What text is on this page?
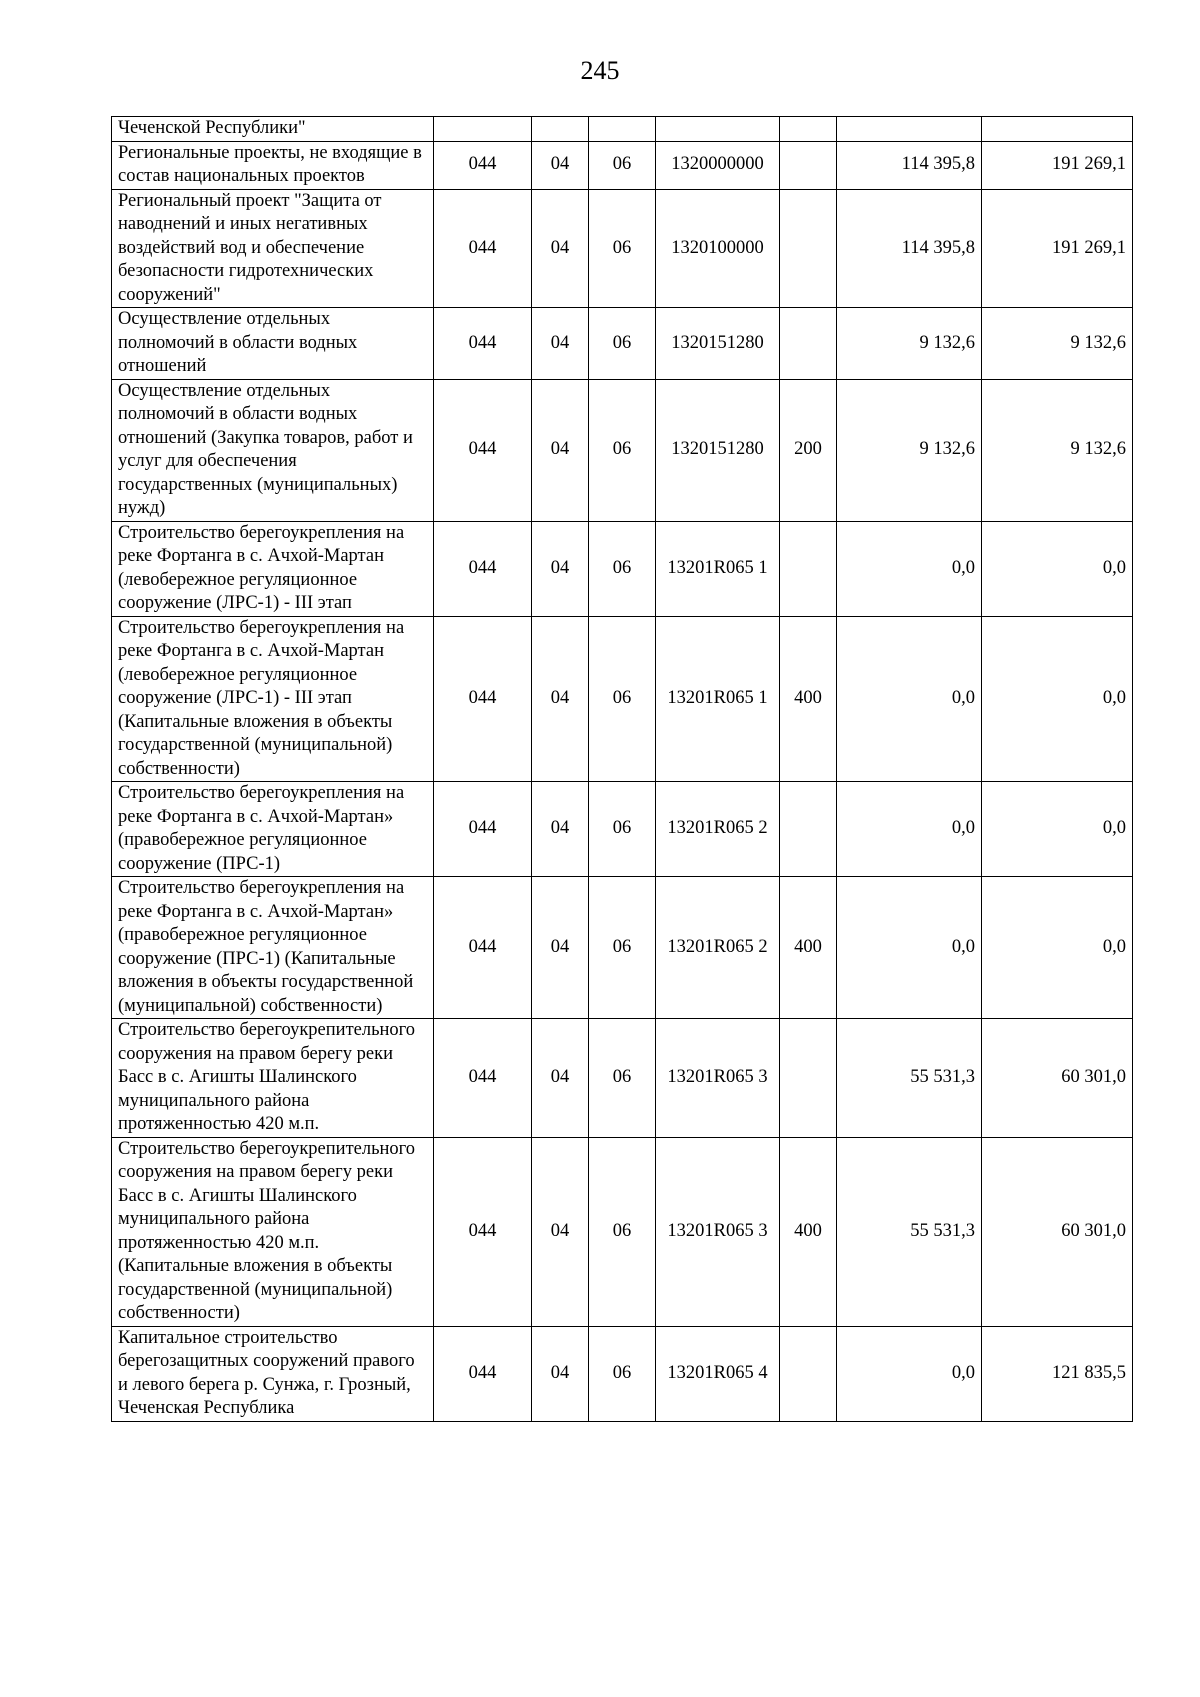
245
Чеченской Республики"							
Региональные проекты, не входящие в состав национальных проектов	044	04	06	1320000000		114 395,8	191 269,1
Региональный проект "Защита от наводнений и иных негативных воздействий вод и обеспечение безопасности гидротехнических сооружений"	044	04	06	1320100000		114 395,8	191 269,1
Осуществление отдельных полномочий в области водных отношений	044	04	06	1320151280		9 132,6	9 132,6
Осуществление отдельных полномочий в области водных отношений (Закупка товаров, работ и услуг для обеспечения государственных (муниципальных) нужд)	044	04	06	1320151280	200	9 132,6	9 132,6
Строительство берегоукрепления на реке Фортанга в с. Ачхой-Мартан (левобережное регуляционное сооружение (ЛРС-1) - III этап	044	04	06	13201R065 1		0,0	0,0
Строительство берегоукрепления на реке Фортанга в с. Ачхой-Мартан (левобережное регуляционное сооружение (ЛРС-1) - III этап (Капитальные вложения в объекты государственной (муниципальной) собственности)	044	04	06	13201R065 1	400	0,0	0,0
Строительство берегоукрепления на реке Фортанга в с. Ачхой-Мартан» (правобережное регуляционное сооружение (ПРС-1)	044	04	06	13201R065 2		0,0	0,0
Строительство берегоукрепления на реке Фортанга в с. Ачхой-Мартан» (правобережное регуляционное сооружение (ПРС-1) (Капитальные вложения в объекты государственной (муниципальной) собственности)	044	04	06	13201R065 2	400	0,0	0,0
Строительство берегоукрепительного сооружения на правом берегу реки Басс в с. Агишты Шалинского муниципального района протяженностью 420 м.п.	044	04	06	13201R065 3		55 531,3	60 301,0
Строительство берегоукрепительного сооружения на правом берегу реки Басс в с. Агишты Шалинского муниципального района протяженностью 420 м.п. (Капитальные вложения в объекты государственной (муниципальной) собственности)	044	04	06	13201R065 3	400	55 531,3	60 301,0
Капитальное строительство берегозащитных сооружений правого и левого берега р. Сунжа, г. Грозный, Чеченская Республика	044	04	06	13201R065 4		0,0	121 835,5
